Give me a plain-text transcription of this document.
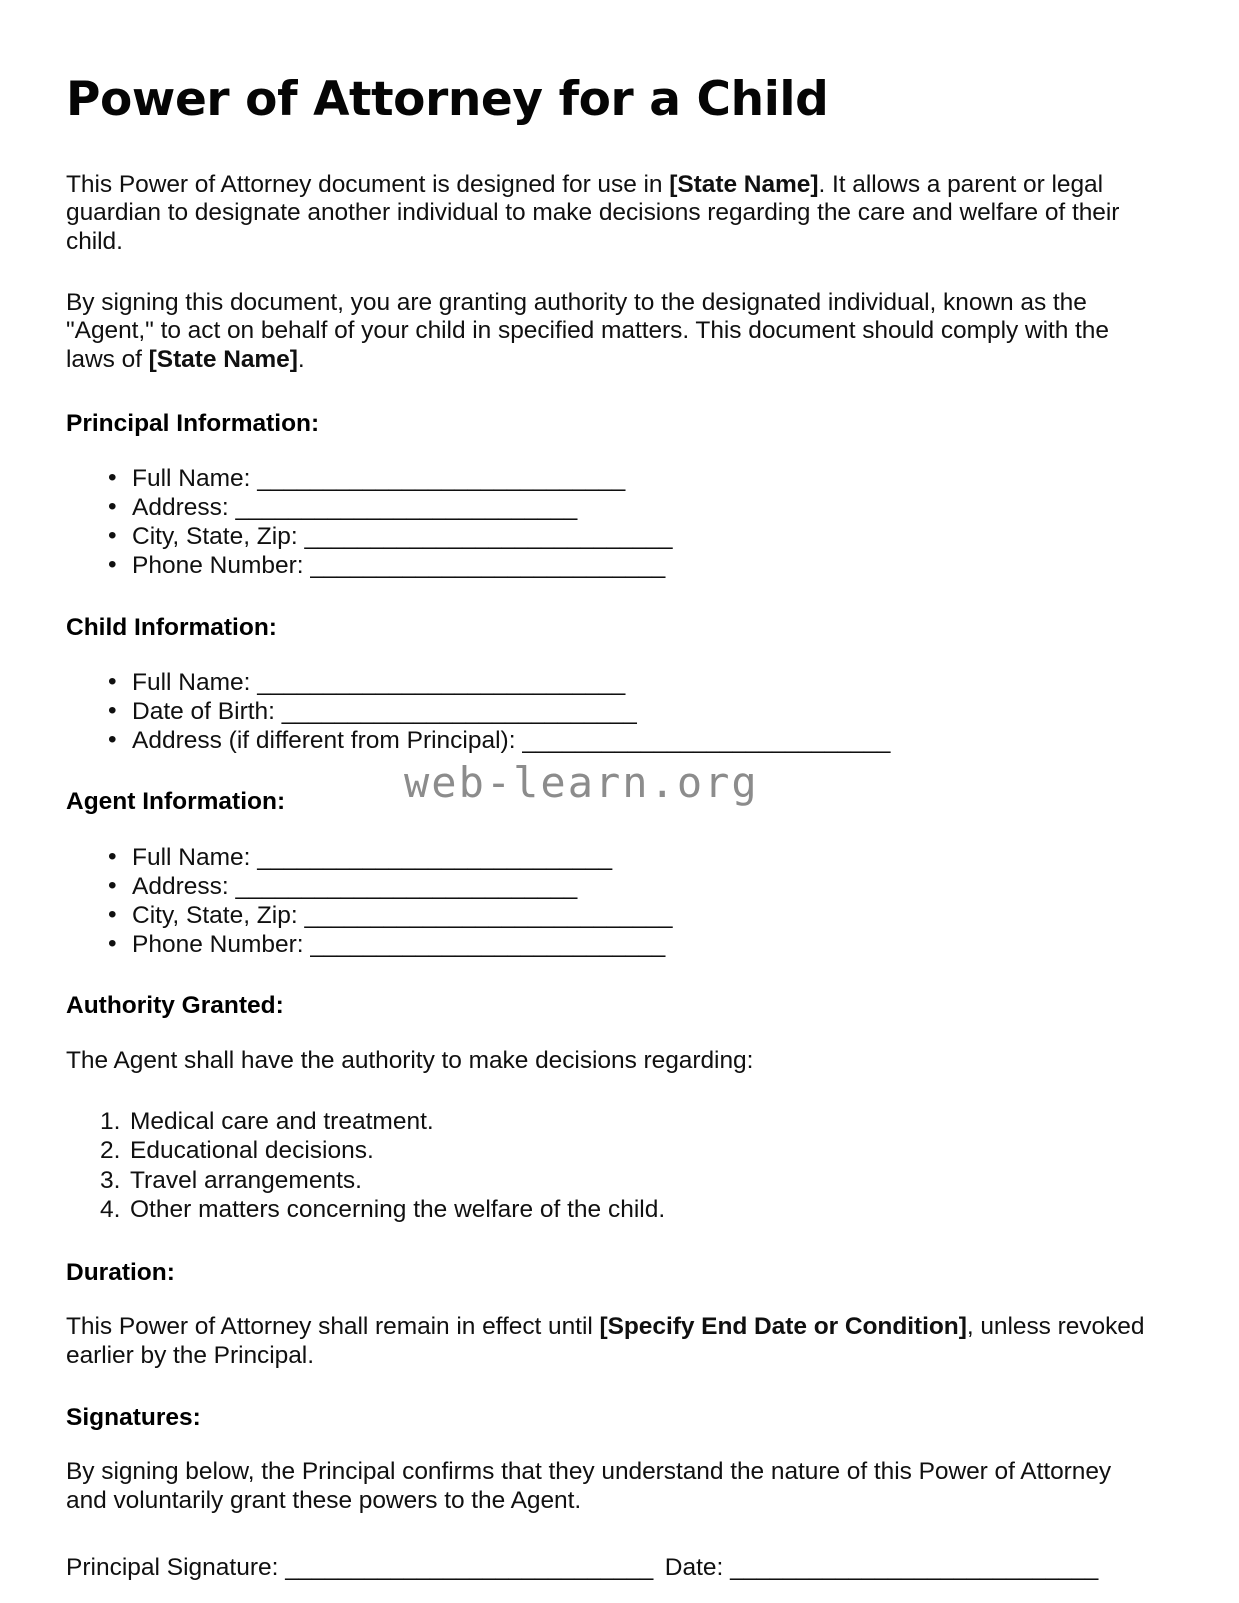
web-learn.org
Power of Attorney for a Child

This Power of Attorney document is designed for use in [State Name]. It allows a parent or legal guardian to designate another individual to make decisions regarding the care and welfare of their child.

By signing this document, you are granting authority to the designated individual, known as the "Agent," to act on behalf of your child in specified matters. This document should comply with the laws of [State Name].

Principal Information:
• Full Name: ____________________________
• Address: __________________________
• City, State, Zip: ____________________________
• Phone Number: ___________________________
Child Information:
• Full Name: ____________________________
• Date of Birth: ___________________________
• Address (if different from Principal): ____________________________
Agent Information:
• Full Name: ___________________________
• Address: __________________________
• City, State, Zip: ____________________________
• Phone Number: ___________________________
Authority Granted:

The Agent shall have the authority to make decisions regarding:

Medical care and treatment.
Educational decisions.
Travel arrangements.
Other matters concerning the welfare of the child.
Duration:

This Power of Attorney shall remain in effect until [Specify End Date or Condition], unless revoked earlier by the Principal.

Signatures:

By signing below, the Principal confirms that they understand the nature of this Power of Attorney and voluntarily grant these powers to the Agent.

Principal Signature: ____________________________ Date: ____________________________
